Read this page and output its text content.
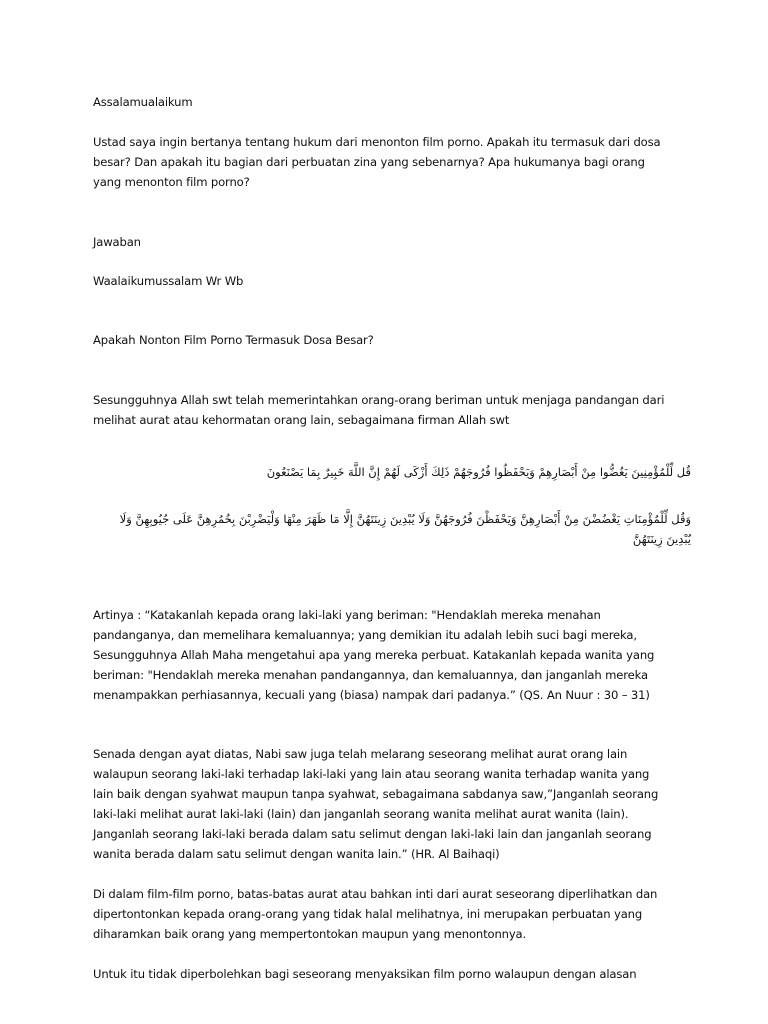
Assalamualaikum

Ustad saya ingin bertanya tentang hukum dari menonton film porno. Apakah itu termasuk dari dosa
besar? Dan apakah itu bagian dari perbuatan zina yang sebenarnya? Apa hukumanya bagi orang
yang menonton film porno?

Jawaban

Waalaikumussalam Wr Wb

Apakah Nonton Film Porno Termasuk Dosa Besar?

Sesungguhnya Allah swt telah memerintahkan orang-orang beriman untuk menjaga pandangan dari
melihat aurat atau kehormatan orang lain, sebagaimana firman Allah swt

قُل لِّلْمُؤْمِنِينَ يَغُضُّوا مِنْ أَبْصَارِهِمْ وَيَحْفَظُوا فُرُوجَهُمْ ذَلِكَ أَزْكَى لَهُمْ إِنَّ اللَّهَ خَبِيرٌ بِمَا يَصْنَعُونَ

وَقُل لِّلْمُؤْمِنَاتِ يَغْضُضْنَ مِنْ أَبْصَارِهِنَّ وَيَحْفَظْنَ فُرُوجَهُنَّ وَلَا يُبْدِينَ زِينَتَهُنَّ إِلَّا مَا ظَهَرَ مِنْهَا وَلْيَضْرِبْنَ بِخُمُرِهِنَّ عَلَى جُيُوبِهِنَّ وَلَا يُبْدِينَ زِينَتَهُنَّ

Artinya : “Katakanlah kepada orang laki-laki yang beriman: "Hendaklah mereka menahan
pandanganya, dan memelihara kemaluannya; yang demikian itu adalah lebih suci bagi mereka,
Sesungguhnya Allah Maha mengetahui apa yang mereka perbuat. Katakanlah kepada wanita yang
beriman: "Hendaklah mereka menahan pandangannya, dan kemaluannya, dan janganlah mereka
menampakkan perhiasannya, kecuali yang (biasa) nampak dari padanya.” (QS. An Nuur : 30 – 31)

Senada dengan ayat diatas, Nabi saw juga telah melarang seseorang melihat aurat orang lain
walaupun seorang laki-laki terhadap laki-laki yang lain atau seorang wanita terhadap wanita yang
lain baik dengan syahwat maupun tanpa syahwat, sebagaimana sabdanya saw,”Janganlah seorang
laki-laki melihat aurat laki-laki (lain) dan janganlah seorang wanita melihat aurat wanita (lain).
Janganlah seorang laki-laki berada dalam satu selimut dengan laki-laki lain dan janganlah seorang
wanita berada dalam satu selimut dengan wanita lain.” (HR. Al Baihaqi)

Di dalam film-film porno, batas-batas aurat atau bahkan inti dari aurat seseorang diperlihatkan dan
dipertontonkan kepada orang-orang yang tidak halal melihatnya, ini merupakan perbuatan yang
diharamkan baik orang yang mempertontokan maupun yang menontonnya.

Untuk itu tidak diperbolehkan bagi seseorang menyaksikan film porno walaupun dengan alasan
